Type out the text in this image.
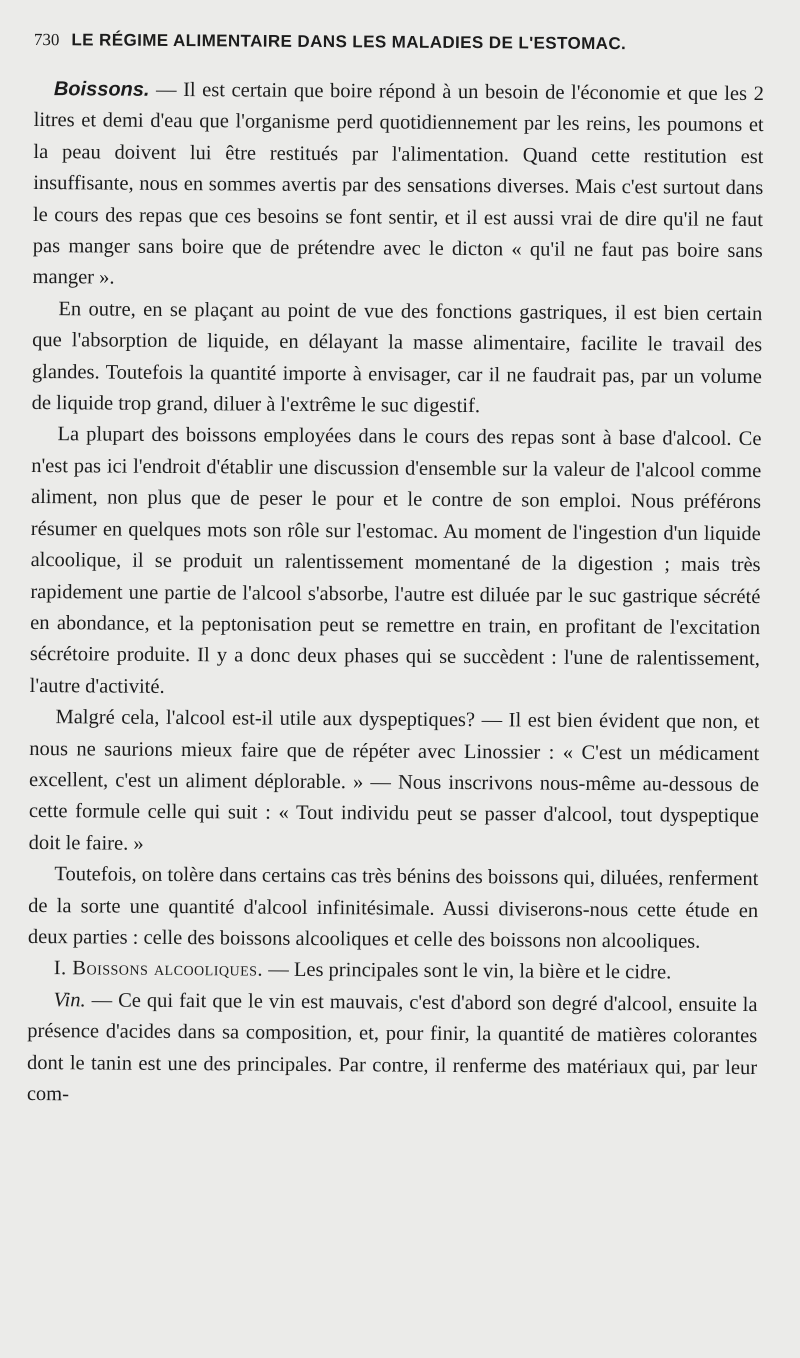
730 LE RÉGIME ALIMENTAIRE DANS LES MALADIES DE L'ESTOMAC.

Boissons. — Il est certain que boire répond à un besoin de l'économie et que les 2 litres et demi d'eau que l'organisme perd quotidiennement par les reins, les poumons et la peau doivent lui être restitués par l'alimentation. Quand cette restitution est insuffisante, nous en sommes avertis par des sensations diverses. Mais c'est surtout dans le cours des repas que ces besoins se font sentir, et il est aussi vrai de dire qu'il ne faut pas manger sans boire que de prétendre avec le dicton « qu'il ne faut pas boire sans manger ».

En outre, en se plaçant au point de vue des fonctions gastriques, il est bien certain que l'absorption de liquide, en délayant la masse alimentaire, facilite le travail des glandes. Toutefois la quantité importe à envisager, car il ne faudrait pas, par un volume de liquide trop grand, diluer à l'extrême le suc digestif.

La plupart des boissons employées dans le cours des repas sont à base d'alcool. Ce n'est pas ici l'endroit d'établir une discussion d'ensemble sur la valeur de l'alcool comme aliment, non plus que de peser le pour et le contre de son emploi. Nous préférons résumer en quelques mots son rôle sur l'estomac. Au moment de l'ingestion d'un liquide alcoolique, il se produit un ralentissement momentané de la digestion ; mais très rapidement une partie de l'alcool s'absorbe, l'autre est diluée par le suc gastrique sécrété en abondance, et la peptonisation peut se remettre en train, en profitant de l'excitation sécrétoire produite. Il y a donc deux phases qui se succèdent : l'une de ralentissement, l'autre d'activité.

Malgré cela, l'alcool est-il utile aux dyspeptiques? — Il est bien évident que non, et nous ne saurions mieux faire que de répéter avec Linossier : « C'est un médicament excellent, c'est un aliment déplorable. » — Nous inscrivons nous-même au-dessous de cette formule celle qui suit : « Tout individu peut se passer d'alcool, tout dyspeptique doit le faire. »

Toutefois, on tolère dans certains cas très bénins des boissons qui, diluées, renferment de la sorte une quantité d'alcool infinitésimale. Aussi diviserons-nous cette étude en deux parties : celle des boissons alcooliques et celle des boissons non alcooliques.

I. Boissons alcooliques. — Les principales sont le vin, la bière et le cidre.

Vin. — Ce qui fait que le vin est mauvais, c'est d'abord son degré d'alcool, ensuite la présence d'acides dans sa composition, et, pour finir, la quantité de matières colorantes dont le tanin est une des principales. Par contre, il renferme des matériaux qui, par leur com-
